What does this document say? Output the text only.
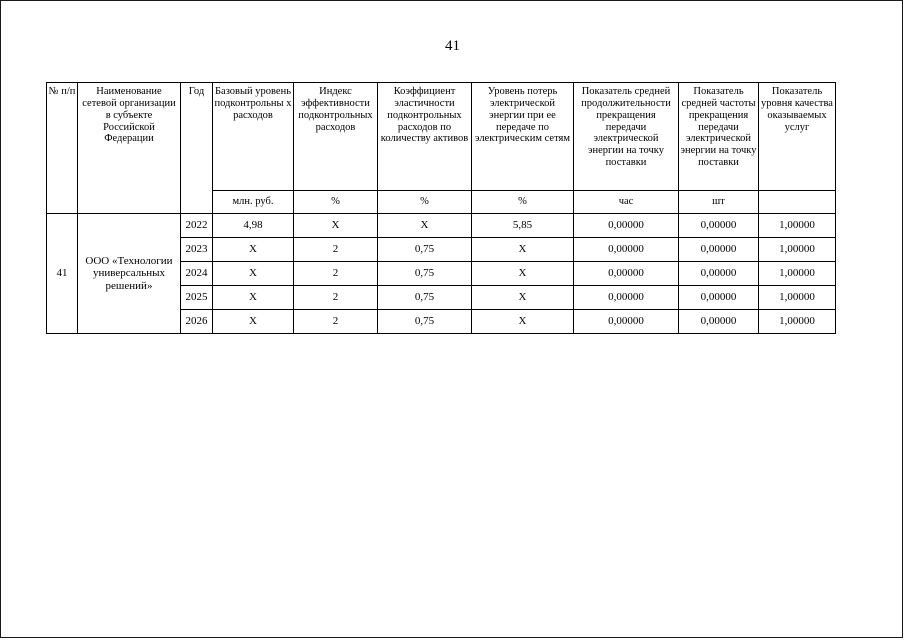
41
№ п/п	Наименование сетевой организации в субъекте Российской Федерации	Год	Базовый уровень подконтрольны х расходов	Индекс эффективности подконтрольных расходов	Коэффициент эластичности подконтрольных расходов по количеству активов	Уровень потерь электрической энергии при ее передаче по электрическим сетям	Показатель средней продолжительности прекращения передачи электрической энергии на точку поставки	Показатель средней частоты прекращения передачи электрической энергии на точку поставки	Показатель уровня качества оказываемых услуг
			млн. руб.	%	%	%	час	шт	
41	ООО «Технологии универсальных решений»	2022	4,98	X	X	5,85	0,00000	0,00000	1,00000
		2023	X	2	0,75	X	0,00000	0,00000	1,00000
		2024	X	2	0,75	X	0,00000	0,00000	1,00000
		2025	X	2	0,75	X	0,00000	0,00000	1,00000
		2026	X	2	0,75	X	0,00000	0,00000	1,00000
